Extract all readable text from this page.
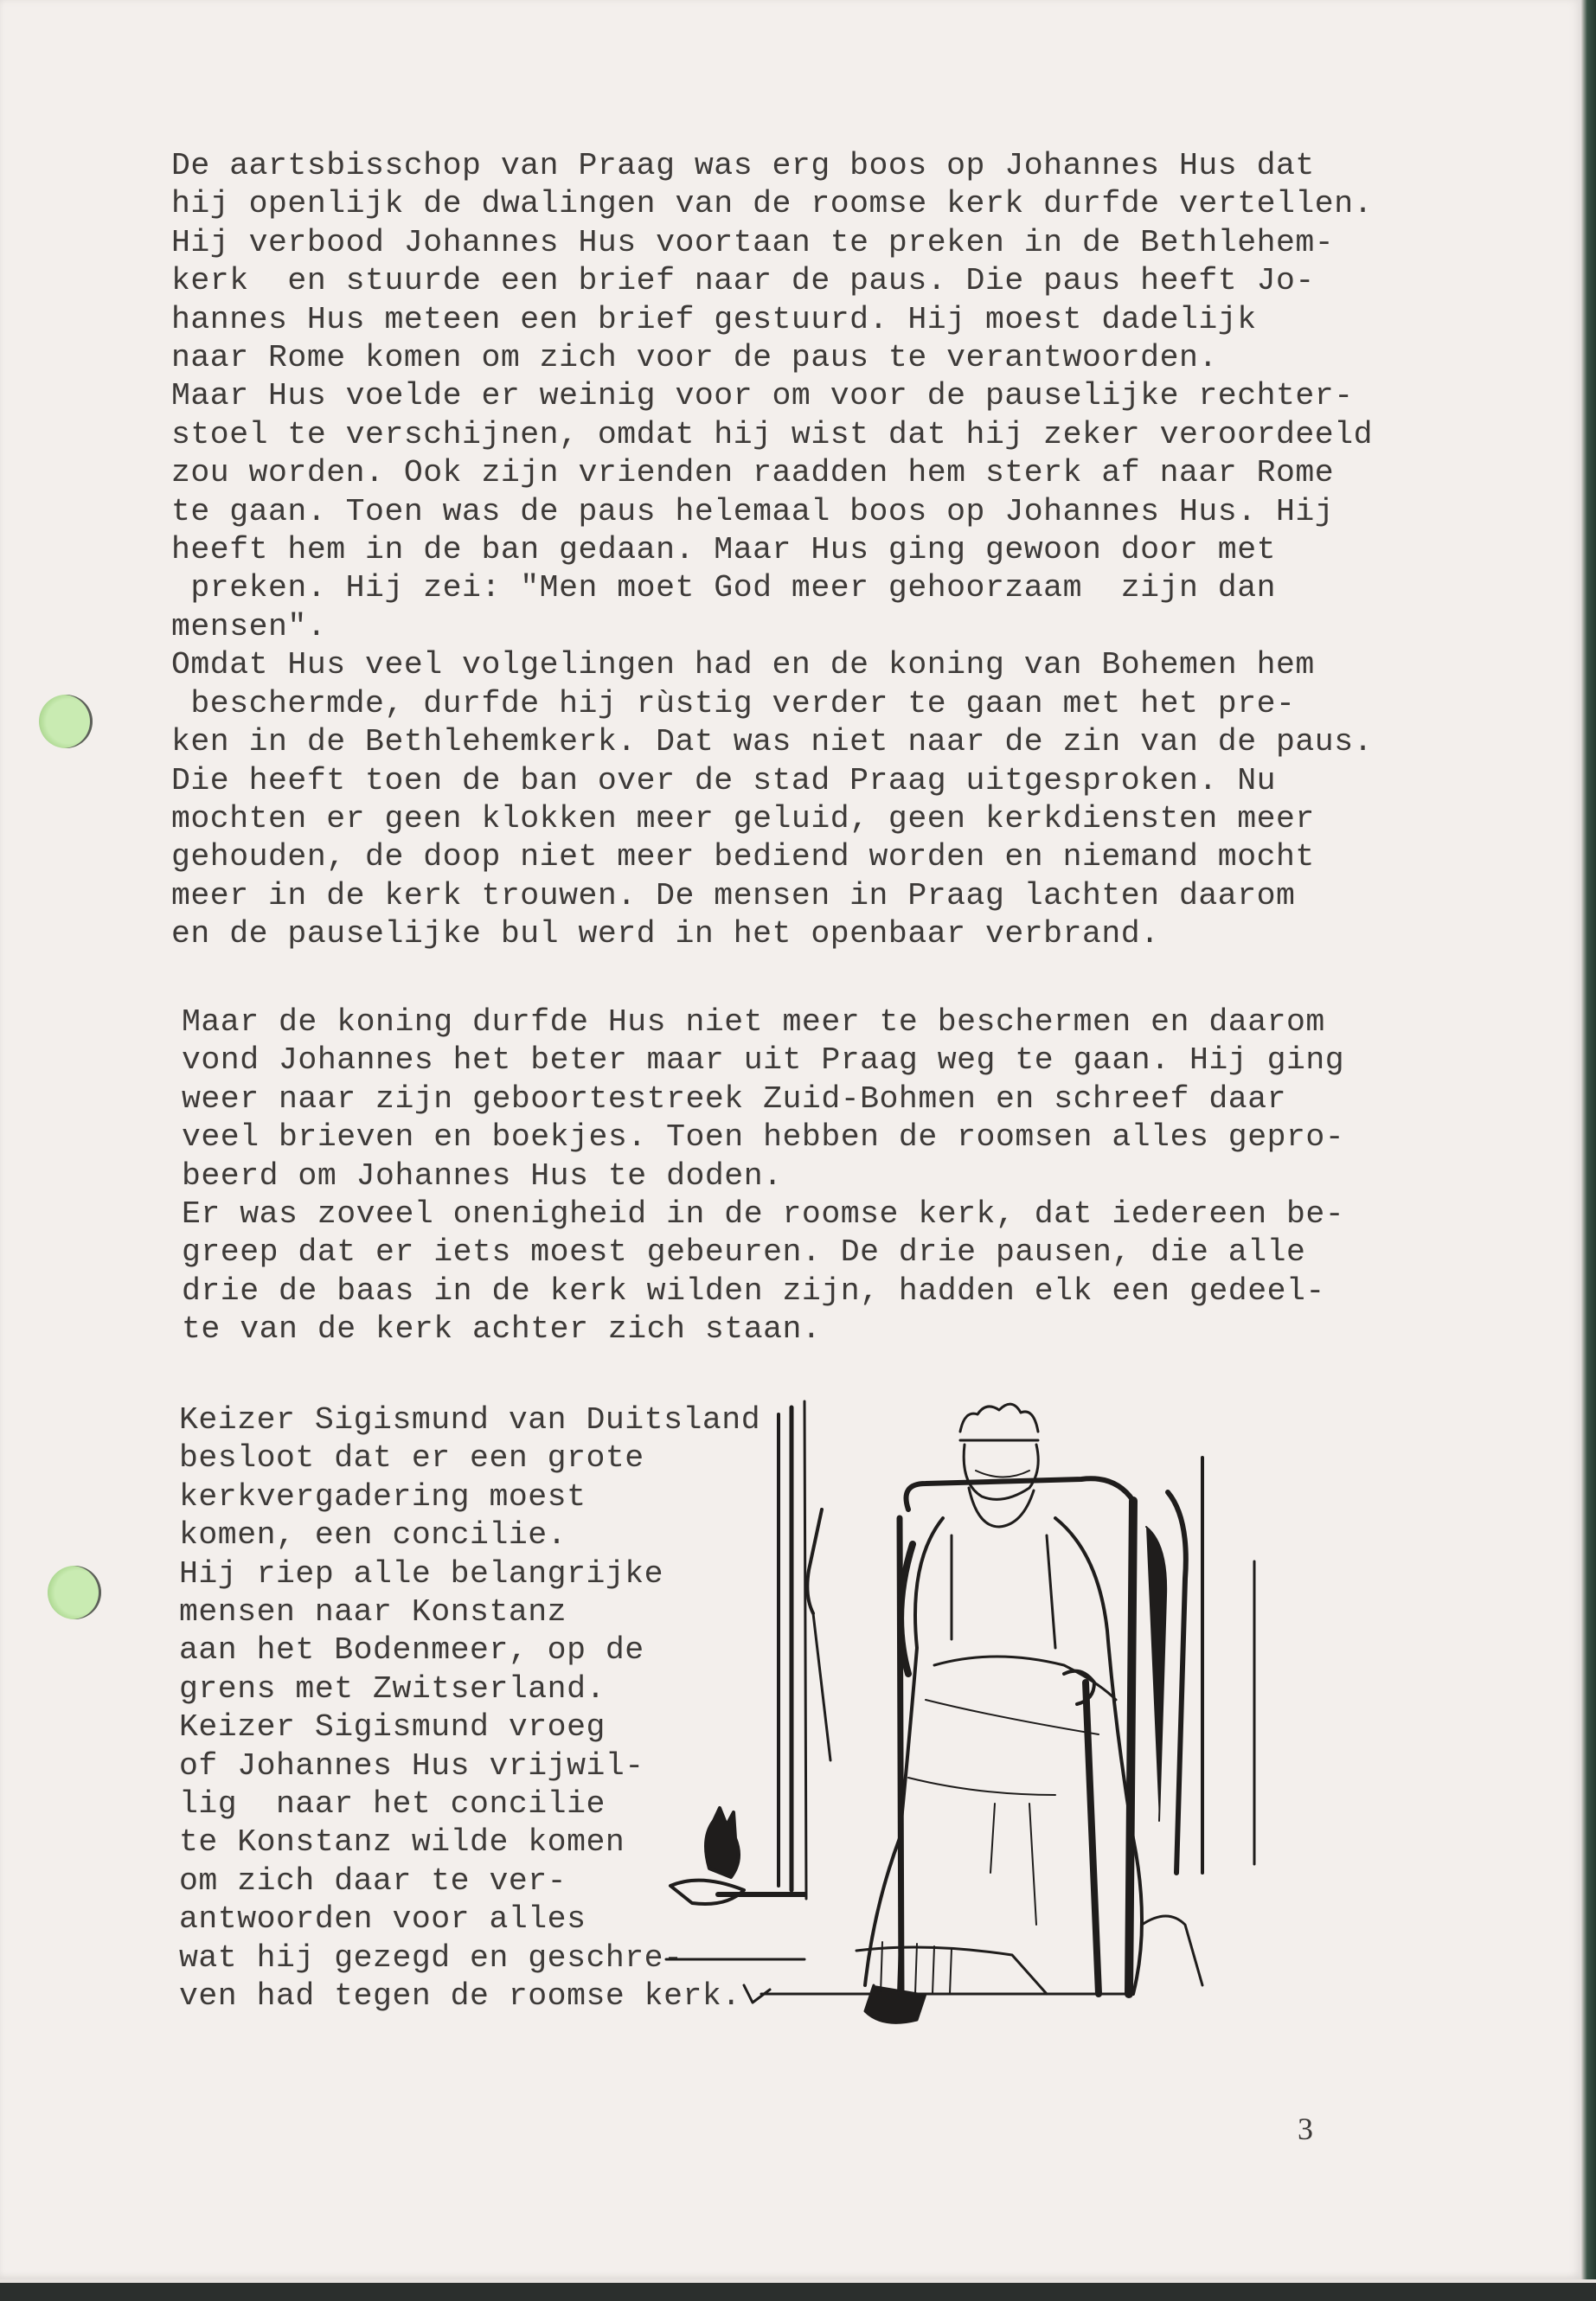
De aartsbisschop van Praag was erg boos op Johannes Hus dat
hij openlijk de dwalingen van de roomse kerk durfde vertellen.
Hij verbood Johannes Hus voortaan te preken in de Bethlehem-
kerk  en stuurde een brief naar de paus. Die paus heeft Jo-
hannes Hus meteen een brief gestuurd. Hij moest dadelijk
naar Rome komen om zich voor de paus te verantwoorden.
Maar Hus voelde er weinig voor om voor de pauselijke rechter-
stoel te verschijnen, omdat hij wist dat hij zeker veroordeeld
zou worden. Ook zijn vrienden raadden hem sterk af naar Rome
te gaan. Toen was de paus helemaal boos op Johannes Hus. Hij
heeft hem in de ban gedaan. Maar Hus ging gewoon door met
preken. Hij zei: "Men moet God meer gehoorzaam  zijn dan
mensen".
Omdat Hus veel volgelingen had en de koning van Bohemen hem
beschermde, durfde hij rùstig verder te gaan met het pre-
ken in de Bethlehemkerk. Dat was niet naar de zin van de paus.
Die heeft toen de ban over de stad Praag uitgesproken. Nu
mochten er geen klokken meer geluid, geen kerkdiensten meer
gehouden, de doop niet meer bediend worden en niemand mocht
meer in de kerk trouwen. De mensen in Praag lachten daarom
en de pauselijke bul werd in het openbaar verbrand.

Maar de koning durfde Hus niet meer te beschermen en daarom
vond Johannes het beter maar uit Praag weg te gaan. Hij ging
weer naar zijn geboortestreek Zuid-Bohmen en schreef daar
veel brieven en boekjes. Toen hebben de roomsen alles gepro-
beerd om Johannes Hus te doden.
Er was zoveel onenigheid in de roomse kerk, dat iedereen be-
greep dat er iets moest gebeuren. De drie pausen, die alle
drie de baas in de kerk wilden zijn, hadden elk een gedeel-
te van de kerk achter zich staan.

Keizer Sigismund van Duitsland
besloot dat er een grote
kerkvergadering moest
komen, een concilie.
Hij riep alle belangrijke
mensen naar Konstanz
aan het Bodenmeer, op de
grens met Zwitserland.
Keizer Sigismund vroeg
of Johannes Hus vrijwil-
lig  naar het concilie
te Konstanz wilde komen
om zich daar te ver-
antwoorden voor alles
wat hij gezegd en geschre-
ven had tegen de roomse kerk.

3
